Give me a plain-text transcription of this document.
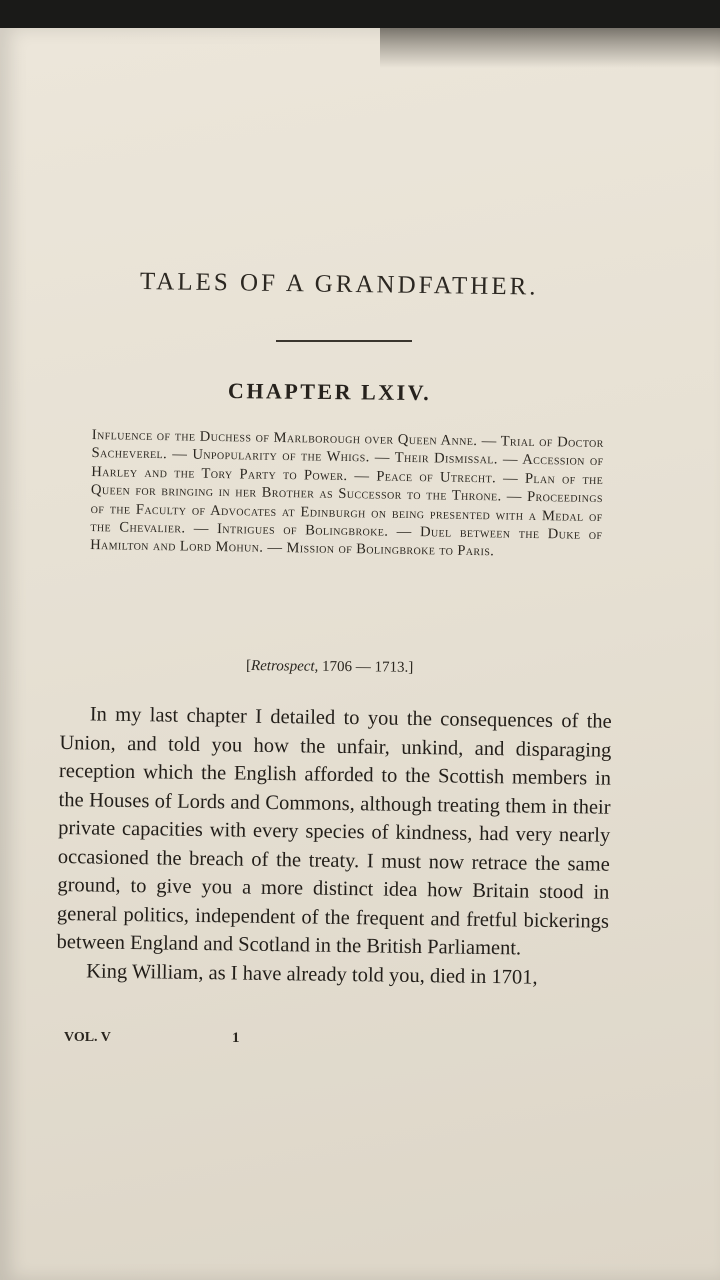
TALES OF A GRANDFATHER.
CHAPTER LXIV.
Influence of the Duchess of Marlborough over Queen Anne. — Trial of Doctor Sacheverel. — Unpopularity of the Whigs. — Their Dismissal. — Accession of Harley and the Tory Party to Power. — Peace of Utrecht. — Plan of the Queen for bringing in her Brother as Successor to the Throne. — Proceedings of the Faculty of Advocates at Edinburgh on being presented with a Medal of the Chevalier. — Intrigues of Bolingbroke. — Duel between the Duke of Hamilton and Lord Mohun. — Mission of Bolingbroke to Paris.
[Retrospect, 1706 — 1713.]

In my last chapter I detailed to you the consequences of the Union, and told you how the unfair, unkind, and disparaging reception which the English afforded to the Scottish members in the Houses of Lords and Commons, although treating them in their private capacities with every species of kindness, had very nearly occasioned the breach of the treaty. I must now retrace the same ground, to give you a more distinct idea how Britain stood in general politics, independent of the frequent and fretful bickerings between England and Scotland in the British Parliament.

King William, as I have already told you, died in 1701,

VOL. V	1
